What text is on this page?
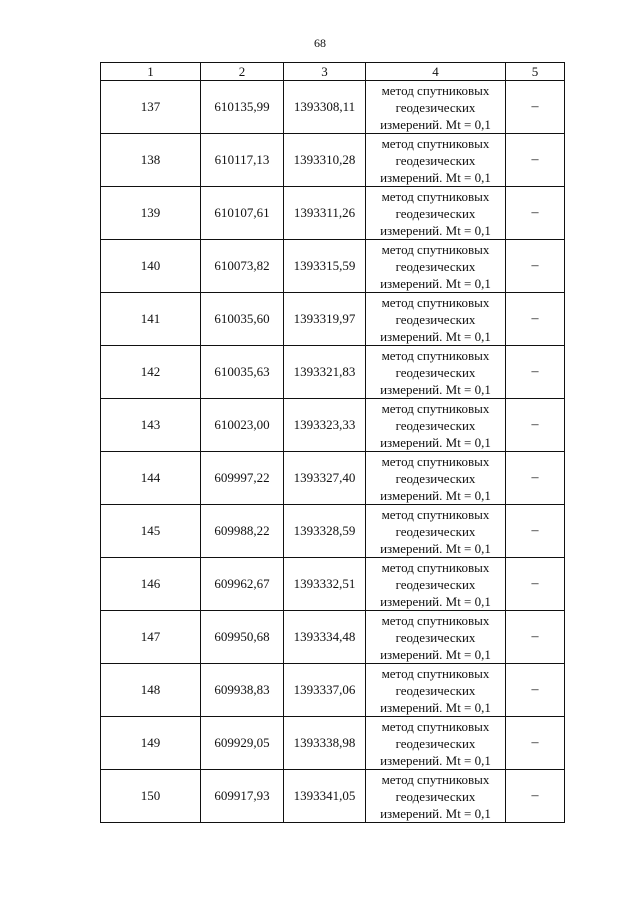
68
1	2	3	4	5
137	610135,99	1393308,11	метод спутниковых
геодезических
измерений. Mt = 0,1	–
138	610117,13	1393310,28	метод спутниковых
геодезических
измерений. Mt = 0,1	–
139	610107,61	1393311,26	метод спутниковых
геодезических
измерений. Mt = 0,1	–
140	610073,82	1393315,59	метод спутниковых
геодезических
измерений. Mt = 0,1	–
141	610035,60	1393319,97	метод спутниковых
геодезических
измерений. Mt = 0,1	–
142	610035,63	1393321,83	метод спутниковых
геодезических
измерений. Mt = 0,1	–
143	610023,00	1393323,33	метод спутниковых
геодезических
измерений. Mt = 0,1	–
144	609997,22	1393327,40	метод спутниковых
геодезических
измерений. Mt = 0,1	–
145	609988,22	1393328,59	метод спутниковых
геодезических
измерений. Mt = 0,1	–
146	609962,67	1393332,51	метод спутниковых
геодезических
измерений. Mt = 0,1	–
147	609950,68	1393334,48	метод спутниковых
геодезических
измерений. Mt = 0,1	–
148	609938,83	1393337,06	метод спутниковых
геодезических
измерений. Mt = 0,1	–
149	609929,05	1393338,98	метод спутниковых
геодезических
измерений. Mt = 0,1	–
150	609917,93	1393341,05	метод спутниковых
геодезических
измерений. Mt = 0,1	–
